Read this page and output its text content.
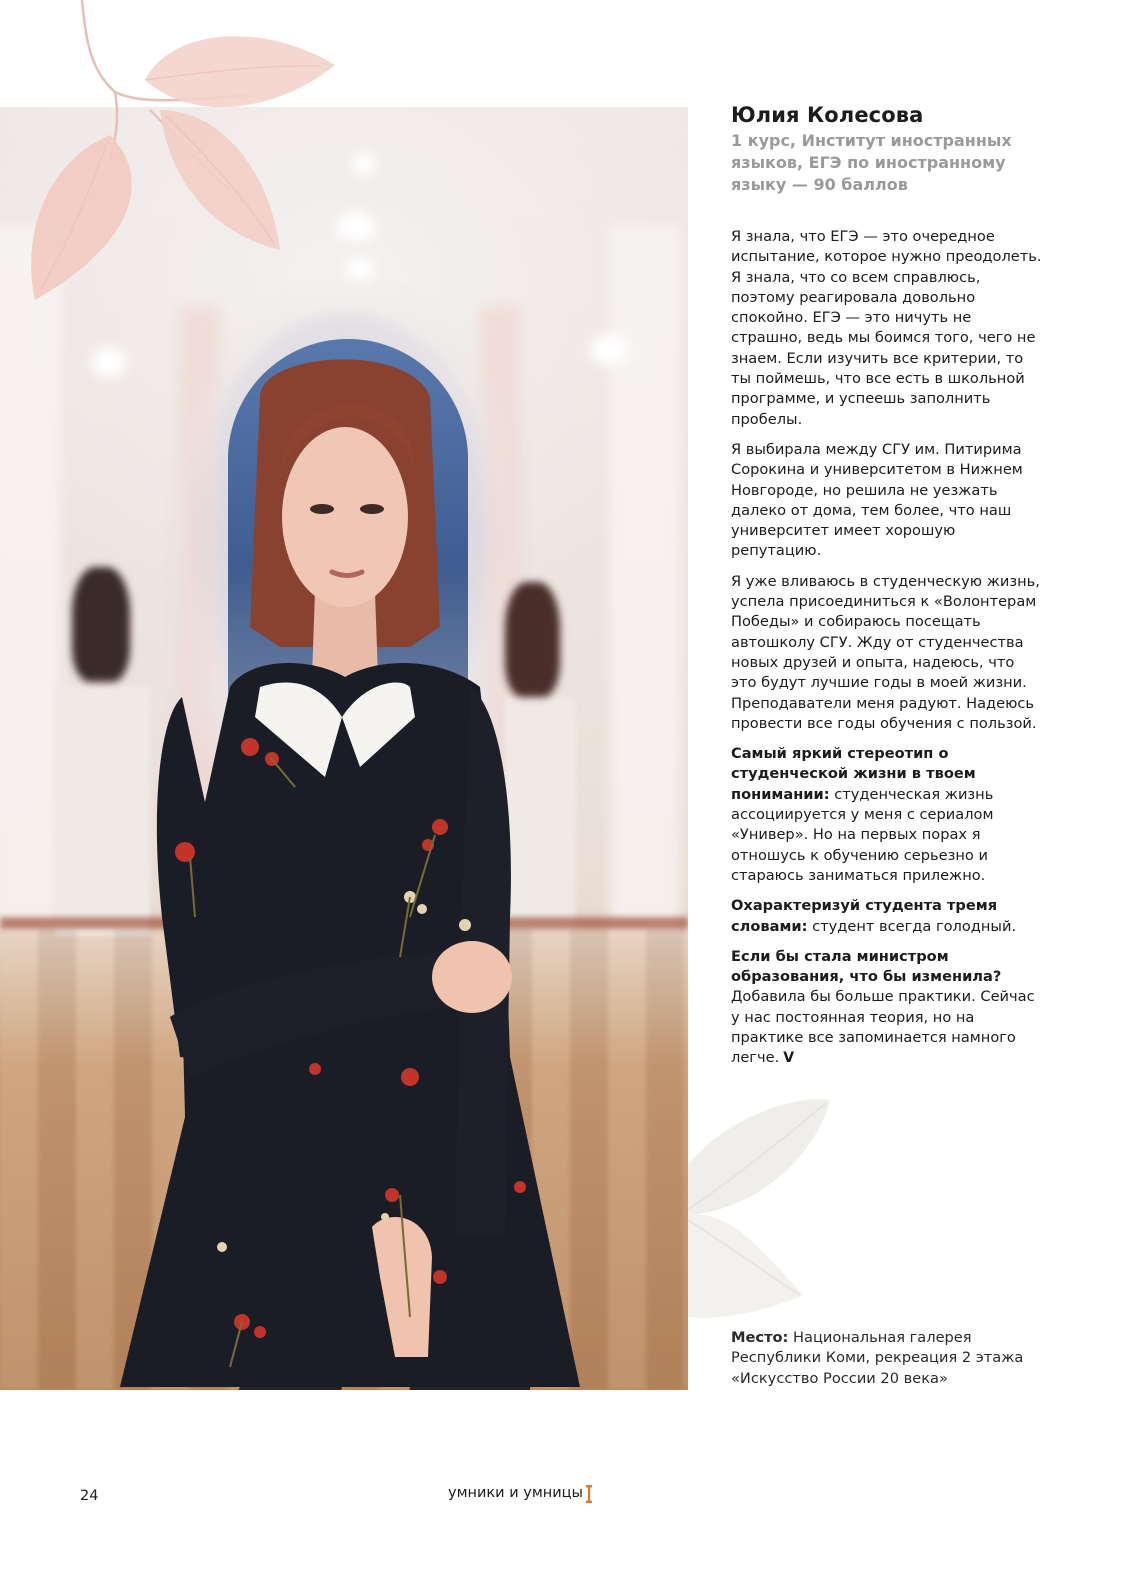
Юлия Колесова

1 курс, Институт иностранных языков, ЕГЭ по иностранному языку — 90 баллов

Я знала, что ЕГЭ — это очередное испытание, которое нужно преодолеть. Я знала, что со всем справлюсь, поэтому реагировала довольно спокойно. ЕГЭ — это ничуть не страшно, ведь мы боимся того, чего не знаем. Если изучить все критерии, то ты поймешь, что все есть в школьной программе, и успеешь заполнить пробелы.

Я выбирала между СГУ им. Питирима Сорокина и университетом в Нижнем Новгороде, но решила не уезжать далеко от дома, тем более, что наш университет имеет хорошую репутацию.

Я уже вливаюсь в студенческую жизнь, успела присоединиться к «Волонтерам Победы» и собираюсь посещать автошколу СГУ. Жду от студенчества новых друзей и опыта, надеюсь, что это будут лучшие годы в моей жизни. Преподаватели меня радуют. Надеюсь провести все годы обучения с пользой.

Самый яркий стереотип о студенческой жизни в твоем понимании: студенческая жизнь ассоциируется у меня с сериалом «Универ». Но на первых порах я отношусь к обучению серьезно и стараюсь заниматься прилежно.

Охарактеризуй студента тремя словами: студент всегда голодный.

Если бы стала министром образования, что бы изменила? Добавила бы больше практики. Сейчас у нас постоянная теория, но на практике все запоминается намного легче. V

Место: Национальная галерея Республики Коми, рекреация 2 этажа «Искусство России 20 века»

24	умники и умницы
